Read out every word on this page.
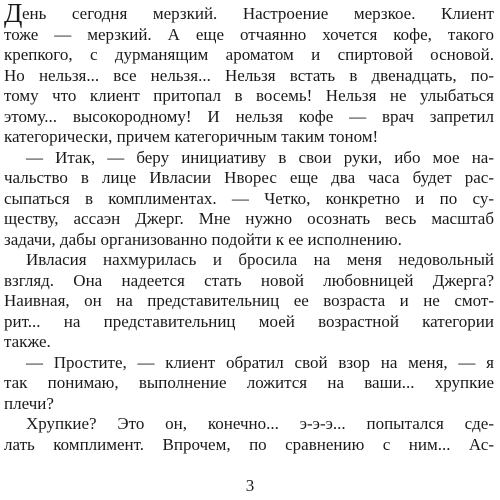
Д ень сегодня мерзкий. Настроение мерзкое. Клиент
тоже — мерзкий. А еще отчаянно хочется кофе, такого
крепкого, с дурманящим ароматом и спиртовой основой.
Но нельзя... все нельзя... Нельзя встать в двенадцать, по-
тому что клиент притопал в восемь! Нельзя не улыбаться
этому... высокородному! И нельзя кофе — врач запретил
категорически, причем категоричным таким тоном!
— Итак, — беру инициативу в свои руки, ибо мое на-
чальство в лице Ивласии Нворес еще два часа будет рас-
сыпаться в комплиментах. — Четко, конкретно и по су-
ществу, ассаэн Джерг. Мне нужно осознать весь масштаб
задачи, дабы организованно подойти к ее исполнению.
Ивласия нахмурилась и бросила на меня недовольный
взгляд. Она надеется стать новой любовницей Джерга?
Наивная, он на представительниц ее возраста и не смот-
рит... на представительниц моей возрастной категории
также.
— Простите, — клиент обратил свой взор на меня, — я
так понимаю, выполнение ложится на ваши... хрупкие
плечи?
Хрупкие? Это он, конечно... э-э-э... попытался сде-
лать комплимент. Впрочем, по сравнению с ним... Ас-
3
